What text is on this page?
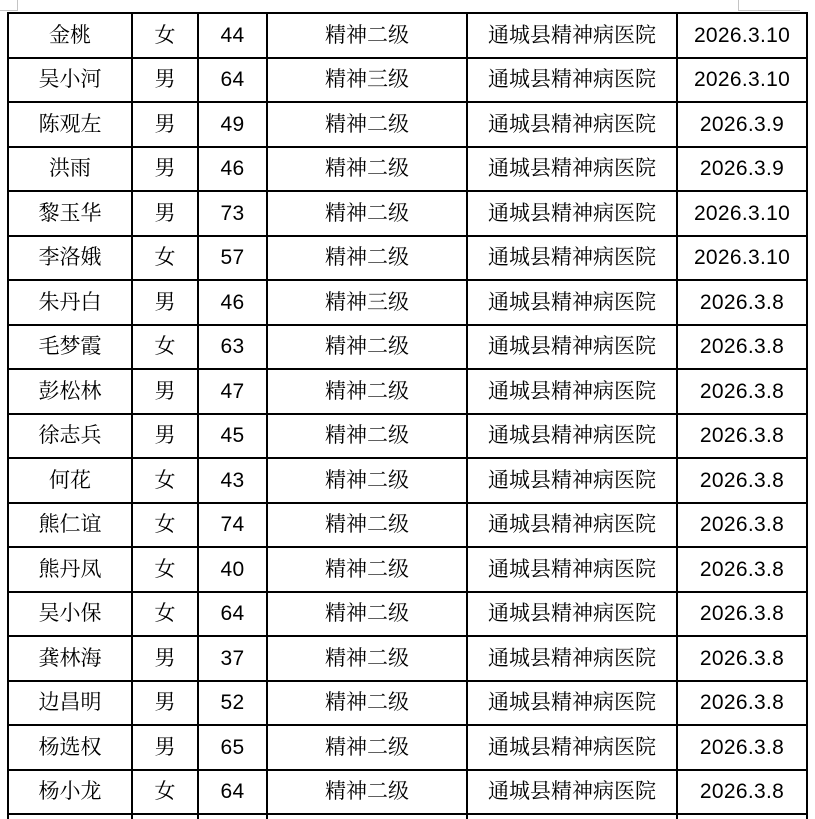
金桃	女	44	精神二级	通城县精神病医院	2026.3.10
吴小河	男	64	精神三级	通城县精神病医院	2026.3.10
陈观左	男	49	精神二级	通城县精神病医院	2026.3.9
洪雨	男	46	精神二级	通城县精神病医院	2026.3.9
黎玉华	男	73	精神二级	通城县精神病医院	2026.3.10
李洛娥	女	57	精神二级	通城县精神病医院	2026.3.10
朱丹白	男	46	精神三级	通城县精神病医院	2026.3.8
毛梦霞	女	63	精神二级	通城县精神病医院	2026.3.8
彭松林	男	47	精神二级	通城县精神病医院	2026.3.8
徐志兵	男	45	精神二级	通城县精神病医院	2026.3.8
何花	女	43	精神二级	通城县精神病医院	2026.3.8
熊仁谊	女	74	精神二级	通城县精神病医院	2026.3.8
熊丹凤	女	40	精神二级	通城县精神病医院	2026.3.8
吴小保	女	64	精神二级	通城县精神病医院	2026.3.8
龚林海	男	37	精神二级	通城县精神病医院	2026.3.8
边昌明	男	52	精神二级	通城县精神病医院	2026.3.8
杨选权	男	65	精神二级	通城县精神病医院	2026.3.8
杨小龙	女	64	精神二级	通城县精神病医院	2026.3.8
